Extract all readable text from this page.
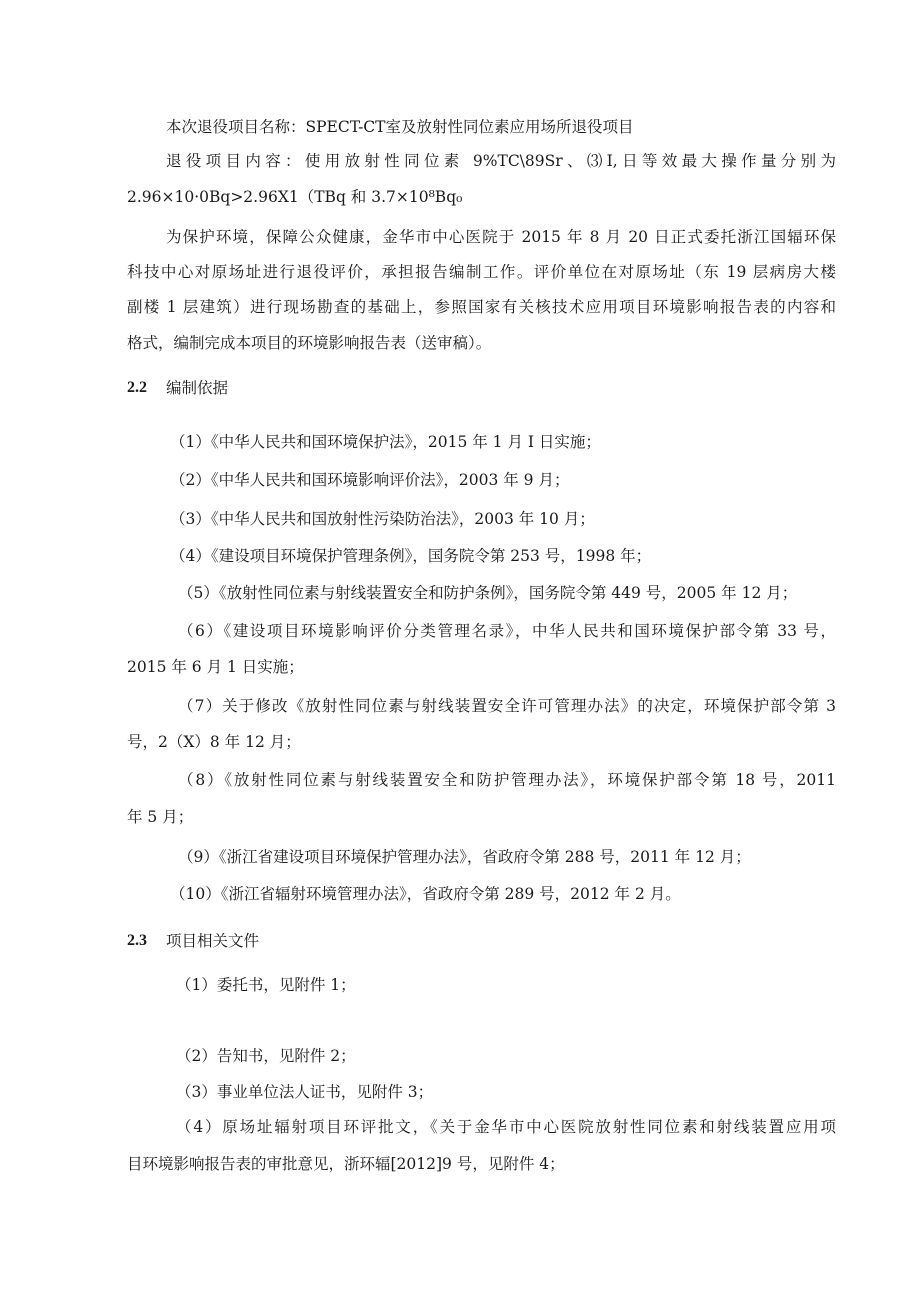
本次退役项目名称：SPECT-CT室及放射性同位素应用场所退役项目
退役项目内容：使用放射性同位素 9%TC\89Sr、⑶I,日等效最大操作量分别为
2.96×10·0Bq>2.96X1（TBq 和 3.7×10⁸Bq₀
为保护环境，保障公众健康，金华市中心医院于 2015 年 8 月 20 日正式委托浙江国辐环保
科技中心对原场址进行退役评价，承担报告编制工作。评价单位在对原场址（东 19 层病房大楼
副楼 1 层建筑）进行现场勘查的基础上，参照国家有关核技术应用项目环境影响报告表的内容和
格式，编制完成本项目的环境影响报告表（送审稿）。
2.2 编制依据
（1）《中华人民共和国环境保护法》，2015 年 1 月 I 日实施；
（2）《中华人民共和国环境影响评价法》，2003 年 9 月；
（3）《中华人民共和国放射性污染防治法》，2003 年 10 月；
（4）《建设项目环境保护管理条例》，国务院令第 253 号，1998 年；
（5）《放射性同位素与射线装置安全和防护条例》，国务院令第 449 号，2005 年 12 月；
（6）《建设项目环境影响评价分类管理名录》，中华人民共和国环境保护部令第 33 号，
2015 年 6 月 1 日实施；
（7）关于修改《放射性同位素与射线装置安全许可管理办法》的决定，环境保护部令第 3
号，2（X）8 年 12 月；
（8）《放射性同位素与射线装置安全和防护管理办法》，环境保护部令第 18 号，2011
年 5 月；
（9）《浙江省建设项目环境保护管理办法》，省政府令第 288 号，2011 年 12 月；
（10）《浙江省辐射环境管理办法》，省政府令第 289 号，2012 年 2 月。
2.3 项目相关文件
（1）委托书，见附件 1；
（2）告知书，见附件 2；
（3）事业单位法人证书，见附件 3；
（4）原场址辐射项目环评批文，《关于金华市中心医院放射性同位素和射线装置应用项
目环境影响报告表的审批意见，浙环辐[2012]9 号，见附件 4；
